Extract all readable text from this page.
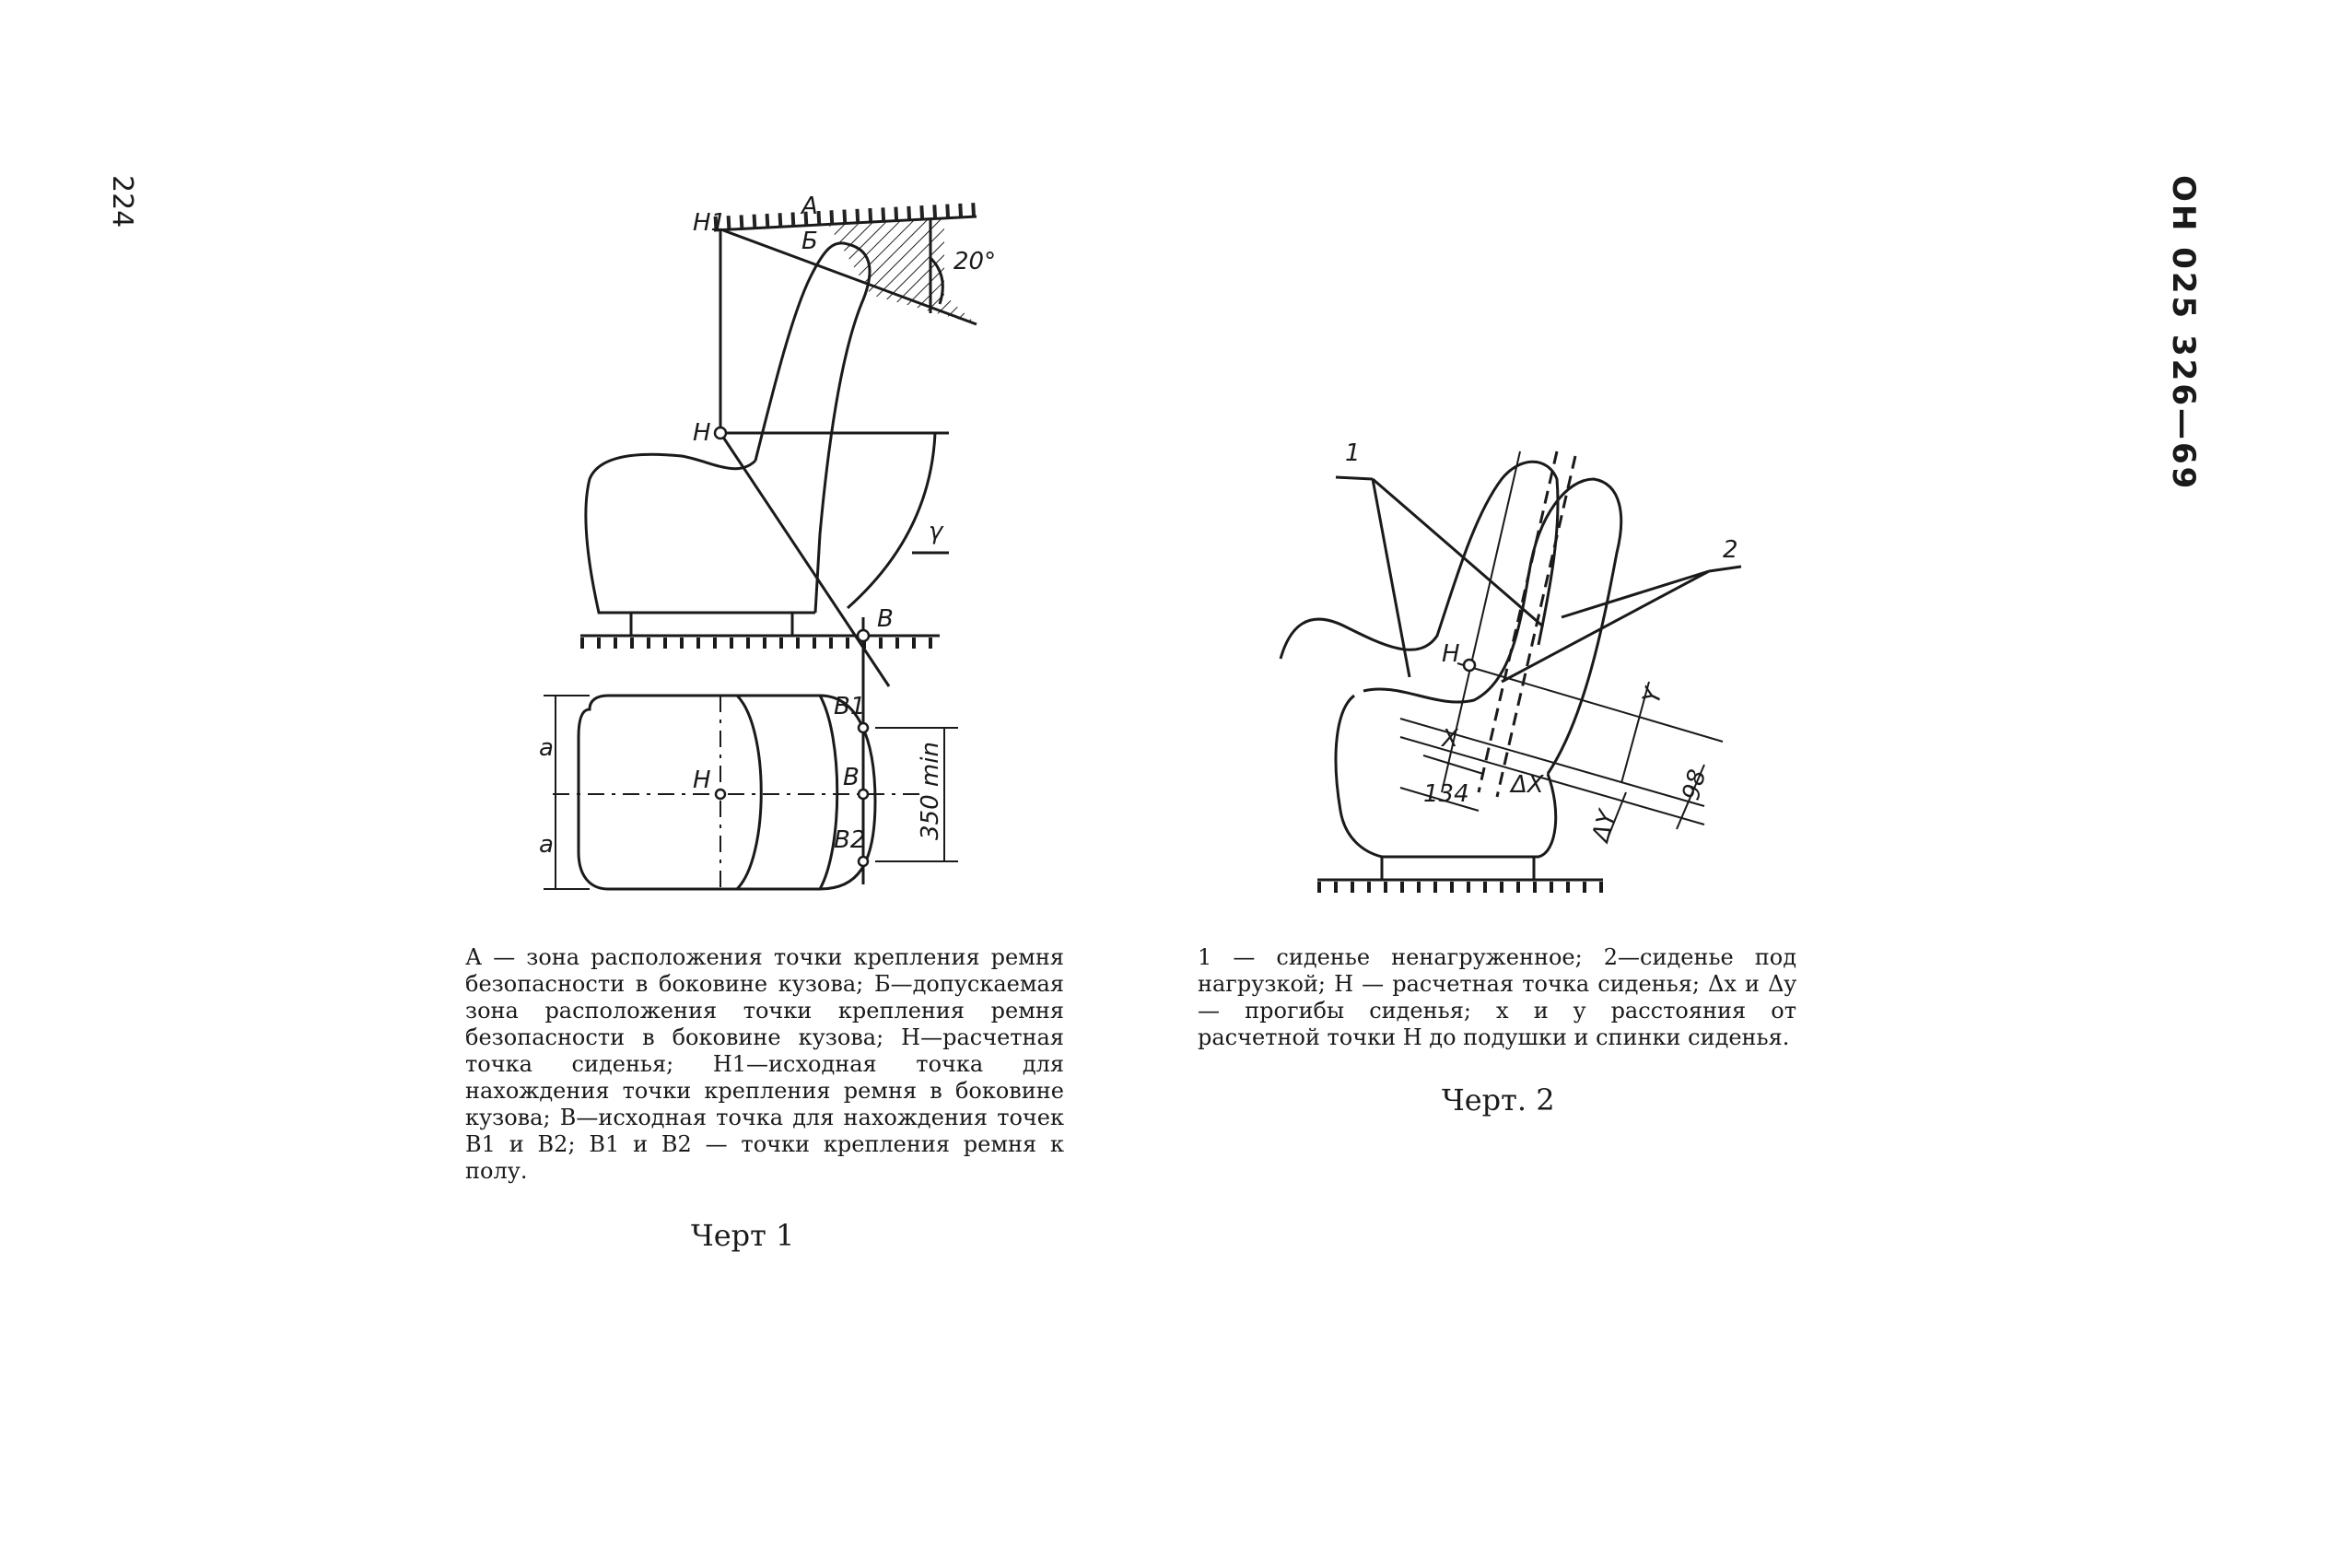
224	ОН 025 326—69
А
Б
H1
20°
H
γ
В
a
a
H
В1
В
В2 350 min

А — зона расположения точки крепления ремня безопасности в боковине кузова; Б—допускаемая зона расположения точки крепления ремня безопасности в боковине кузова; Н—расчетная точка сиденья; Н1—исходная точка для нахождения точки крепления ремня в боковине кузова; В—исходная точка для нахождения точек В1 и В2; В1 и В2 — точки крепления ремня к полу.

Черт 1
1
2
H
X
ΔX
134
Y
ΔY
98

1 — сиденье ненагруженное; 2—сиденье под нагрузкой; Н — расчетная точка сиденья; Δx и Δy — прогибы сиденья; x и y расстояния от расчетной точки Н до подушки и спинки сиденья.

Черт. 2
